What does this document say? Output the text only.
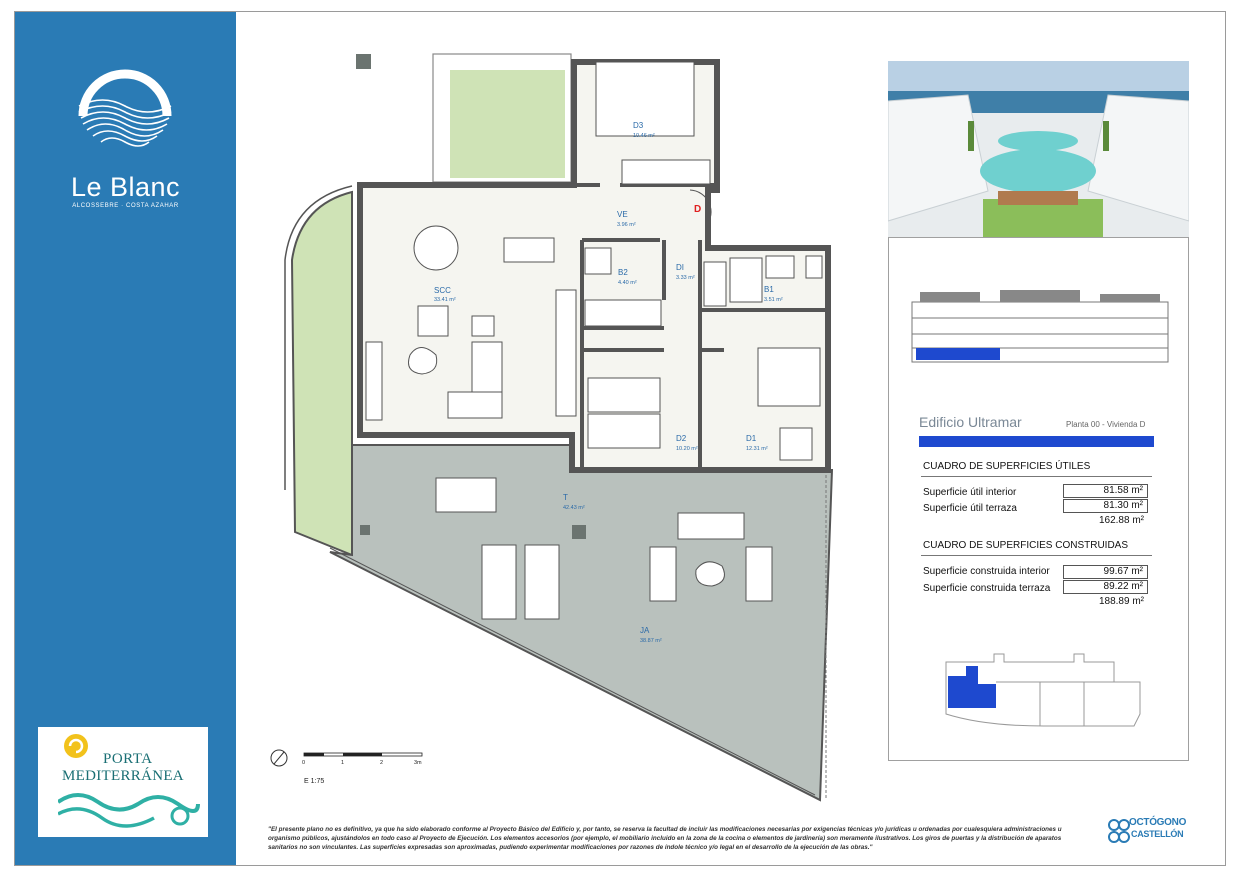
Le Blanc
ALCOSSEBRE · COSTA AZAHAR
PORTA
MEDITERRÁNEA
D
D3
10.46 m²
VE
3.96 m²
SCC
33.41 m²
B2
4.40 m²
DI
3.33 m²
B1
3.51 m²
D2
10.20 m²
D1
12.31 m²
T
42.43 m²
JA
38.87 m²
0	1	2	3m
E 1:75
Edificio Ultramar	Planta 00 - Vivienda D
CUADRO DE SUPERFICIES ÚTILES
Superficie útil interior	81.58 m²
Superficie útil terraza	81.30 m²
162.88 m²
CUADRO DE SUPERFICIES CONSTRUIDAS
Superficie construida interior	99.67 m²
Superficie construida terraza	89.22 m²
188.89 m²
"El presente plano no es definitivo, ya que ha sido elaborado conforme al Proyecto Básico del Edificio y, por tanto, se reserva la facultad de incluir las modificaciones necesarias por exigencias técnicas y/o jurídicas u ordenadas por cualesquiera administraciones u organismo públicos, ajustándolos en todo caso al Proyecto de Ejecución. Los elementos accesorios (por ejemplo, el mobiliario incluido en la zona de la cocina o elementos de jardinería) son meramente ilustrativos. Los giros de puertas y la distribución de aparatos sanitarios no son vinculantes. Las superficies expresadas son aproximadas, pudiendo experimentar modificaciones por razones de índole técnico y/o legal en el desarrollo de la ejecución de las obras."
OCTÓGONO
CASTELLÓN
